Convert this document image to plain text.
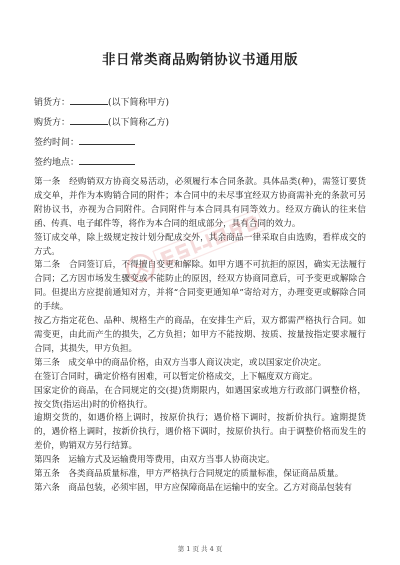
非日常类商品购销协议书通用版
销货方：	(以下简称甲方)
购货方：	(以下简称乙方)
签约时间：
签约地点：

第一条　经购销双方协商交易活动，必须履行本合同条款。具体品类(种)，需签订要货成交单，并作为本购销合同的附件；本合同中的未尽事宜经双方协商需补充的条款可另附协议书，亦视为合同附件。合同附件与本合同具有同等效力。经双方确认的往来信函、传真、电子邮件等，将作为本合同的组成部分，具有合同的效力。

签订成交单，除上级规定按计划分配成交外，其余商品一律采取自由选购，看样成交的方式。

第二条　合同签订后，不得擅自变更和解除。如甲方遇不可抗拒的原因，确实无法履行合同；乙方因市场发生骤变或不能防止的原因，经双方协商同意后，可予变更或解除合同。但提出方应提前通知对方，并将“合同变更通知单”寄给对方，办理变更或解除合同的手续。

按乙方指定花色、品种、规格生产的商品，在安排生产后，双方都需严格执行合同。如需变更，由此而产生的损失，乙方负担；如甲方不能按期、按质、按量按指定要求履行合同，其损失，甲方负担。

第三条　成交单中的商品价格，由双方当事人商议决定，或以国家定价决定。

在签订合同时，确定价格有困难，可以暂定价格成交，上下幅度双方商定。

国家定价的商品，在合同规定的交(提)货期限内，如遇国家或地方行政部门调整价格，按交货(指运出)时的价格执行。

逾期交货的，如遇价格上调时，按原价执行；遇价格下调时，按新价执行。逾期提货的，遇价格上调时，按新价执行，遇价格下调时，按原价执行。由于调整价格而发生的差价，购销双方另行结算。

第四条　运输方式及运输费用等费用，由双方当事人协商决定。

第五条　各类商品质量标准，甲方严格执行合同规定的质量标准，保证商品质量。

第六条　商品包装，必须牢固，甲方应保障商品在运输中的安全。乙方对商品包装有

第 1 页 共 4 页
